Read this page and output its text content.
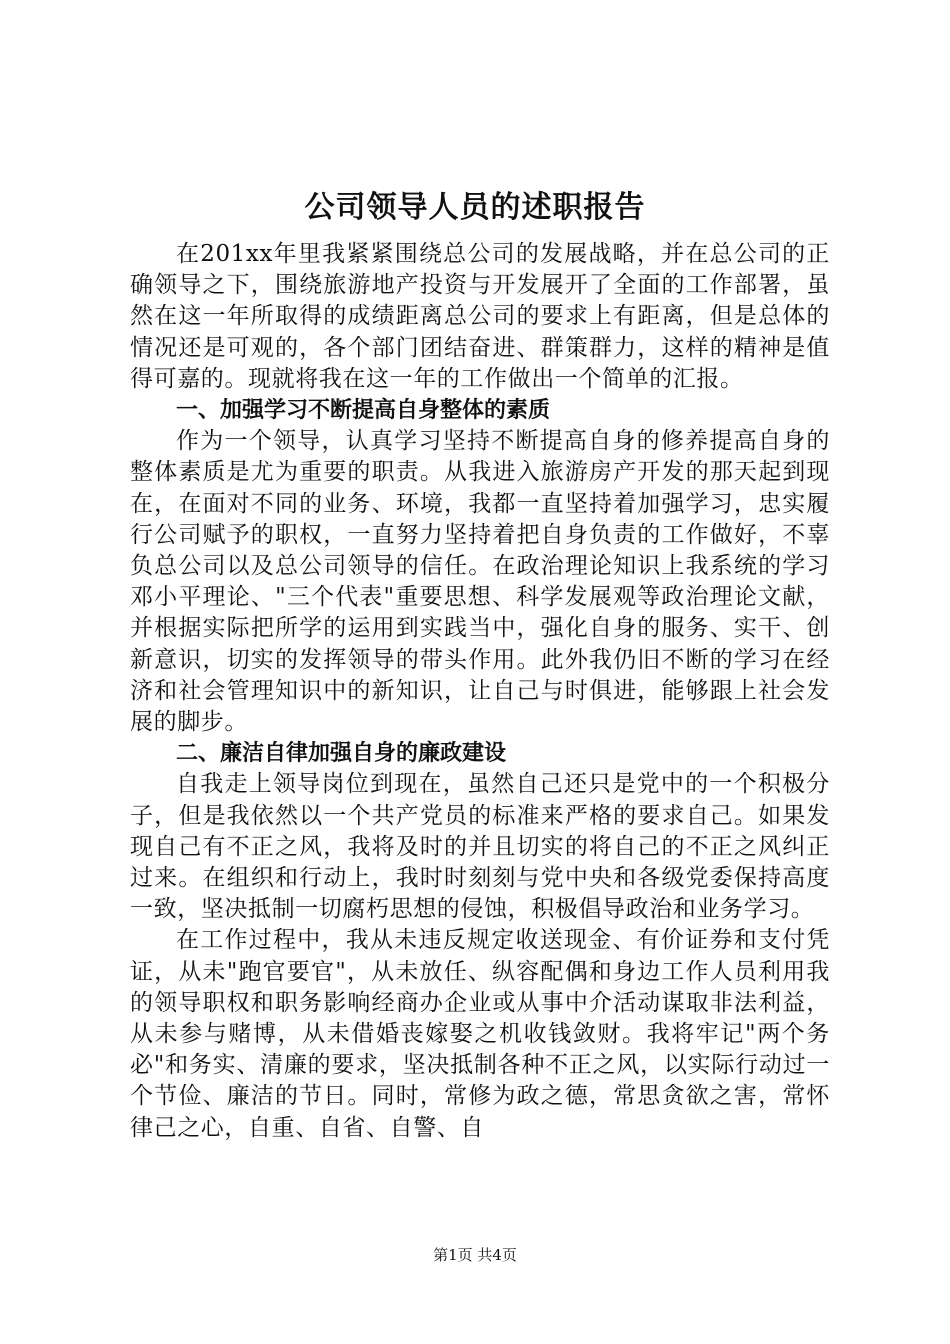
公司领导人员的述职报告

在201xx年里我紧紧围绕总公司的发展战略，并在总公司的正确领导之下，围绕旅游地产投资与开发展开了全面的工作部署，虽然在这一年所取得的成绩距离总公司的要求上有距离，但是总体的情况还是可观的，各个部门团结奋进、群策群力，这样的精神是值得可嘉的。现就将我在这一年的工作做出一个简单的汇报。

一、加强学习不断提高自身整体的素质

作为一个领导，认真学习坚持不断提高自身的修养提高自身的整体素质是尤为重要的职责。从我进入旅游房产开发的那天起到现在，在面对不同的业务、环境，我都一直坚持着加强学习，忠实履行公司赋予的职权，一直努力坚持着把自身负责的工作做好，不辜负总公司以及总公司领导的信任。在政治理论知识上我系统的学习邓小平理论、"三个代表"重要思想、科学发展观等政治理论文献，并根据实际把所学的运用到实践当中，强化自身的服务、实干、创新意识，切实的发挥领导的带头作用。此外我仍旧不断的学习在经济和社会管理知识中的新知识，让自己与时俱进，能够跟上社会发展的脚步。

二、廉洁自律加强自身的廉政建设

自我走上领导岗位到现在，虽然自己还只是党中的一个积极分子，但是我依然以一个共产党员的标准来严格的要求自己。如果发现自己有不正之风，我将及时的并且切实的将自己的不正之风纠正过来。在组织和行动上，我时时刻刻与党中央和各级党委保持高度一致，坚决抵制一切腐朽思想的侵蚀，积极倡导政治和业务学习。

在工作过程中，我从未违反规定收送现金、有价证券和支付凭证，从未"跑官要官"，从未放任、纵容配偶和身边工作人员利用我的领导职权和职务影响经商办企业或从事中介活动谋取非法利益，从未参与赌博，从未借婚丧嫁娶之机收钱敛财。我将牢记"两个务必"和务实、清廉的要求，坚决抵制各种不正之风，以实际行动过一个节俭、廉洁的节日。同时，常修为政之德，常思贪欲之害，常怀律己之心，自重、自省、自警、自

第1页 共4页
